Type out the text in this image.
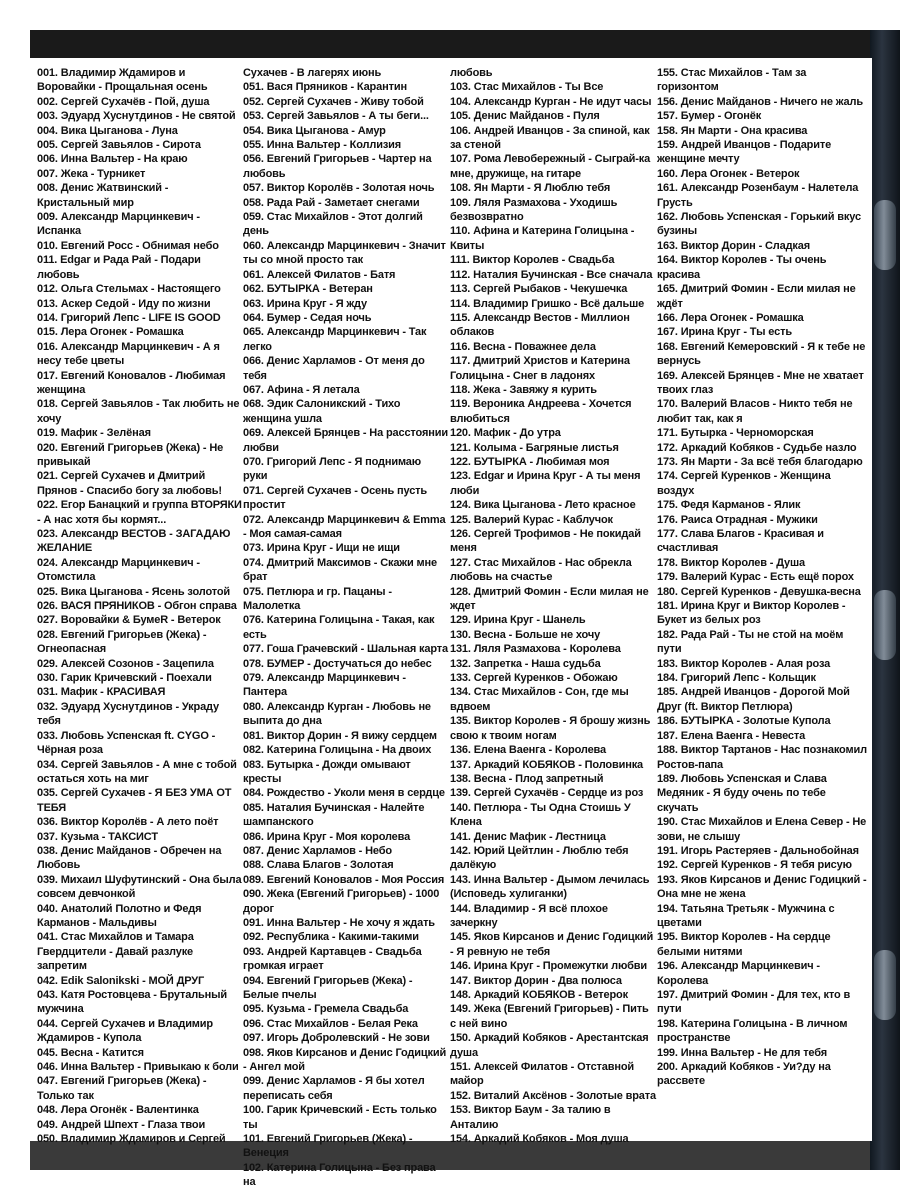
001. Владимир Ждамиров и Воровайки - Прощальная осень
002. Сергей Сухачёв - Пой, душа
003. Эдуард Хуснутдинов - Не святой
004. Вика Цыганова - Луна
005. Сергей Завьялов - Сирота
006. Инна Вальтер - На краю
007. Жека - Турникет
008. Денис Жатвинский - Кристальный мир
009. Александр Марцинкевич - Испанка
010. Евгений Росс - Обнимая небо
011. Edgar и Рада Рай - Подари любовь
012. Ольга Стельмах - Настоящего
013. Аскер Седой - Иду по жизни
014. Григорий Лепс - LIFE IS GOOD
015. Лера Огонек - Ромашка
016. Александр Марцинкевич - А я несу тебе цветы
017. Евгений Коновалов - Любимая женщина
018. Сергей Завьялов - Так любить не хочу
019. Мафик - Зелёная
020. Евгений Григорьев (Жека) - Не привыкай
021. Сергей Сухачев и Дмитрий Прянов - Спасибо богу за любовь!
022. Егор Банацкий и группа ВТОРЯКИ - А нас хотя бы кормят...
023. Александр ВЕСТОВ - ЗАГАДАЮ ЖЕЛАНИЕ
024. Александр Марцинкевич - Отомстила
025. Вика Цыганова - Ясень золотой
026. ВАСЯ ПРЯНИКОВ - Обгон справа
027. Воровайки & БумеR - Ветерок
028. Евгений Григорьев (Жека) - Огнеопасная
029. Алексей Созонов - Зацепила
030. Гарик Кричевский - Поехали
031. Мафик - КРАСИВАЯ
032. Эдуард Хуснутдинов - Украду тебя
033. Любовь Успенская ft. CYGO - Чёрная роза
034. Сергей Завьялов - А мне с тобой остаться хоть на миг
035. Сергей Сухачев - Я БЕЗ УМА ОТ ТЕБЯ
036. Виктор Королёв - А лето поёт
037. Кузьма - ТАКСИСТ
038. Денис Майданов - Обречен на Любовь
039. Михаил Шуфутинский - Она была совсем девчонкой
040. Анатолий Полотно и Федя Карманов - Мальдивы
041. Стас Михайлов и Тамара Гвердцители - Давай разлуке запретим
042. Edik Salonikski - МОЙ ДРУГ
043. Катя Ростовцева - Брутальный мужчина
044. Сергей Сухачев и Владимир Ждамиров - Купола
045. Весна - Катится
046. Инна Вальтер - Привыкаю к боли
047. Евгений Григорьев (Жека) - Только так
048. Лера Огонёк - Валентинка
049. Андрей Шпехт - Глаза твои
050. Владимир Ждамиров и Сергей
Сухачев - В лагерях июнь
051. Вася Пряников - Карантин
052. Сергей Сухачев - Живу тобой
053. Сергей Завьялов - А ты беги...
054. Вика Цыганова - Амур
055. Инна Вальтер - Коллизия
056. Евгений Григорьев - Чартер на любовь
057. Виктор Королёв - Золотая ночь
058. Рада Рай - Заметает снегами
059. Стас Михайлов - Этот долгий день
060. Александр Марцинкевич - Значит ты со мной просто так
061. Алексей Филатов - Батя
062. БУТЫРКА - Ветеран
063. Ирина Круг - Я жду
064. Бумер - Седая ночь
065. Александр Марцинкевич - Так легко
066. Денис Харламов - От меня до тебя
067. Афина - Я летала
068. Эдик Салоникский - Тихо женщина ушла
069. Алексей Брянцев - На расстоянии любви
070. Григорий Лепс - Я поднимаю руки
071. Сергей Сухачев - Осень пусть простит
072. Александр Марцинкевич & Emma - Моя самая-самая
073. Ирина Круг - Ищи не ищи
074. Дмитрий Максимов - Скажи мне брат
075. Петлюра и гр. Пацаны - Малолетка
076. Катерина Голицына - Такая, как есть
077. Гоша Грачевский - Шальная карта
078. БУМЕР - Достучаться до небес
079. Александр Марцинкевич - Пантера
080. Александр Курган - Любовь не выпита до дна
081. Виктор Дорин - Я вижу сердцем
082. Катерина Голицына - На двоих
083. Бутырка - Дожди омывают кресты
084. Рождество - Уколи меня в сердце
085. Наталия Бучинская - Налейте шампанского
086. Ирина Круг - Моя королева
087. Денис Харламов - Небо
088. Слава Благов - Золотая
089. Евгений Коновалов - Моя Россия
090. Жека (Евгений Григорьев) - 1000 дорог
091. Инна Вальтер - Не хочу я ждать
092. Республика - Какими-такими
093. Андрей Картавцев - Свадьба громкая играет
094. Евгений Григорьев (Жека) - Белые пчелы
095. Кузьма - Гремела Свадьба
096. Стас Михайлов - Белая Река
097. Игорь Добролевский - Не зови
098. Яков Кирсанов и Денис Годицкий - Ангел мой
099. Денис Харламов - Я бы хотел переписать себя
100. Гарик Кричевский - Есть только ты
101. Евгений Григорьев (Жека) - Венеция
102. Катерина Голицына - Без права на
любовь
103. Стас Михайлов - Ты Все
104. Александр Курган - Не идут часы
105. Денис Майданов - Пуля
106. Андрей Иванцов - За спиной, как за стеной
107. Рома Левобережный - Сыграй-ка мне, дружище, на гитаре
108. Ян Марти - Я Люблю тебя
109. Ляля Размахова - Уходишь безвозвратно
110. Афина и Катерина Голицына - Квиты
111. Виктор Королев - Свадьба
112. Наталия Бучинская - Все сначала
113. Сергей Рыбаков - Чекушечка
114. Владимир Гришко - Всё дальше
115. Александр Вестов - Миллион облаков
116. Весна - Поважнее дела
117. Дмитрий Христов и Катерина Голицына - Снег в ладонях
118. Жека - Завяжу я курить
119. Вероника Андреева - Хочется влюбиться
120. Мафик - До утра
121. Колыма - Багряные листья
122. БУТЫРКА - Любимая моя
123. Edgar и Ирина Круг - А ты меня люби
124. Вика Цыганова - Лето красное
125. Валерий Курас - Каблучок
126. Сергей Трофимов - Не покидай меня
127. Стас Михайлов - Нас обрекла любовь на счастье
128. Дмитрий Фомин - Если милая не ждет
129. Ирина Круг - Шанель
130. Весна - Больше не хочу
131. Ляля Размахова - Королева
132. Запретка - Наша судьба
133. Сергей Куренков - Обожаю
134. Стас Михайлов - Сон, где мы вдвоем
135. Виктор Королев - Я брошу жизнь свою к твоим ногам
136. Елена Ваенга - Королева
137. Аркадий КОБЯКОВ - Половинка
138. Весна - Плод запретный
139. Сергей Сухачёв - Сердце из роз
140. Петлюра - Ты Одна Стоишь У Клена
141. Денис Мафик - Лестница
142. Юрий Цейтлин - Люблю тебя далёкую
143. Инна Вальтер - Дымом лечилась (Исповедь хулиганки)
144. Владимир - Я всё плохое зачеркну
145. Яков Кирсанов и Денис Годицкий - Я ревную не тебя
146. Ирина Круг - Промежутки любви
147. Виктор Дорин - Два полюса
148. Аркадий КОБЯКОВ - Ветерок
149. Жека (Евгений Григорьев) - Пить с ней вино
150. Аркадий Кобяков - Арестантская душа
151. Алексей Филатов - Отставной майор
152. Виталий Аксёнов - Золотые врата
153. Виктор Баум - За талию в Анталию
154. Аркадий Кобяков - Моя душа
155. Стас Михайлов - Там за горизонтом
156. Денис Майданов - Ничего не жаль
157. Бумер - Огонёк
158. Ян Марти - Она красива
159. Андрей Иванцов - Подарите женщине мечту
160. Лера Огонек - Ветерок
161. Александр Розенбаум - Налетела Грусть
162. Любовь Успенская - Горький вкус бузины
163. Виктор Дорин - Сладкая
164. Виктор Королев - Ты очень красива
165. Дмитрий Фомин - Если милая не ждёт
166. Лера Огонек - Ромашка
167. Ирина Круг - Ты есть
168. Евгений Кемеровский - Я к тебе не вернусь
169. Алексей Брянцев - Мне не хватает твоих глаз
170. Валерий Власов - Никто тебя не любит так, как я
171. Бутырка - Черноморская
172. Аркадий Кобяков - Судьбе назло
173. Ян Марти - За всё тебя благодарю
174. Сергей Куренков - Женщина воздух
175. Федя Карманов - Ялик
176. Раиса Отрадная - Мужики
177. Слава Благов - Красивая и счастливая
178. Виктор Королев - Душа
179. Валерий Курас - Есть ещё порох
180. Сергей Куренков - Девушка-весна
181. Ирина Круг и Виктор Королев - Букет из белых роз
182. Рада Рай - Ты не стой на моём пути
183. Виктор Королев - Алая роза
184. Григорий Лепс - Кольщик
185. Андрей Иванцов - Дорогой Мой Друг (ft. Виктор Петлюра)
186. БУТЫРКА - Золотые Купола
187. Елена Ваенга - Невеста
188. Виктор Тартанов - Нас познакомил Ростов-папа
189. Любовь Успенская и Слава Медяник - Я буду очень по тебе скучать
190. Стас Михайлов и Елена Север - Не зови, не слышу
191. Игорь Растеряев - Дальнобойная
192. Сергей Куренков - Я тебя рисую
193. Яков Кирсанов и Денис Годицкий - Она мне не жена
194. Татьяна Третьяк - Мужчина с цветами
195. Виктор Королев - На сердце белыми нитями
196. Александр Марцинкевич - Королева
197. Дмитрий Фомин - Для тех, кто в пути
198. Катерина Голицына - В личном пространстве
199. Инна Вальтер - Не для тебя
200. Аркадий Кобяков - Уи?ду на рассвете
